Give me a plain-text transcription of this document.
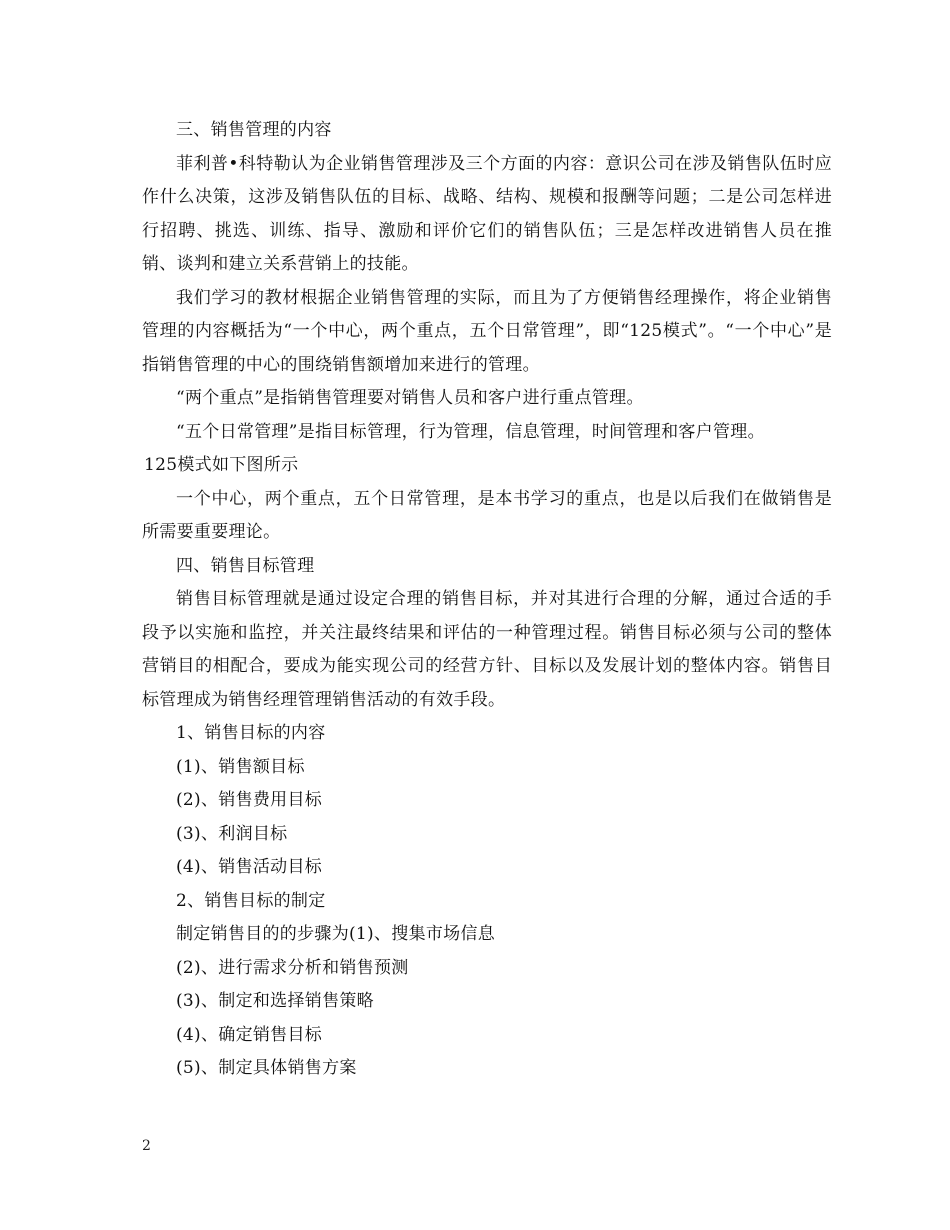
三、销售管理的内容

菲利普•科特勒认为企业销售管理涉及三个方面的内容：意识公司在涉及销售队伍时应作什么决策，这涉及销售队伍的目标、战略、结构、规模和报酬等问题；二是公司怎样进行招聘、挑选、训练、指导、激励和评价它们的销售队伍；三是怎样改进销售人员在推销、谈判和建立关系营销上的技能。

我们学习的教材根据企业销售管理的实际，而且为了方便销售经理操作，将企业销售管理的内容概括为“一个中心，两个重点，五个日常管理”，即“125模式”。“一个中心”是指销售管理的中心的围绕销售额增加来进行的管理。

“两个重点”是指销售管理要对销售人员和客户进行重点管理。

“五个日常管理”是指目标管理，行为管理，信息管理，时间管理和客户管理。

125模式如下图所示

一个中心，两个重点，五个日常管理，是本书学习的重点，也是以后我们在做销售是所需要重要理论。

四、销售目标管理

销售目标管理就是通过设定合理的销售目标，并对其进行合理的分解，通过合适的手段予以实施和监控，并关注最终结果和评估的一种管理过程。销售目标必须与公司的整体营销目的相配合，要成为能实现公司的经营方针、目标以及发展计划的整体内容。销售目标管理成为销售经理管理销售活动的有效手段。

1、销售目标的内容

(1)、销售额目标

(2)、销售费用目标

(3)、利润目标

(4)、销售活动目标

2、销售目标的制定

制定销售目的的步骤为(1)、搜集市场信息

(2)、进行需求分析和销售预测

(3)、制定和选择销售策略

(4)、确定销售目标

(5)、制定具体销售方案

2
